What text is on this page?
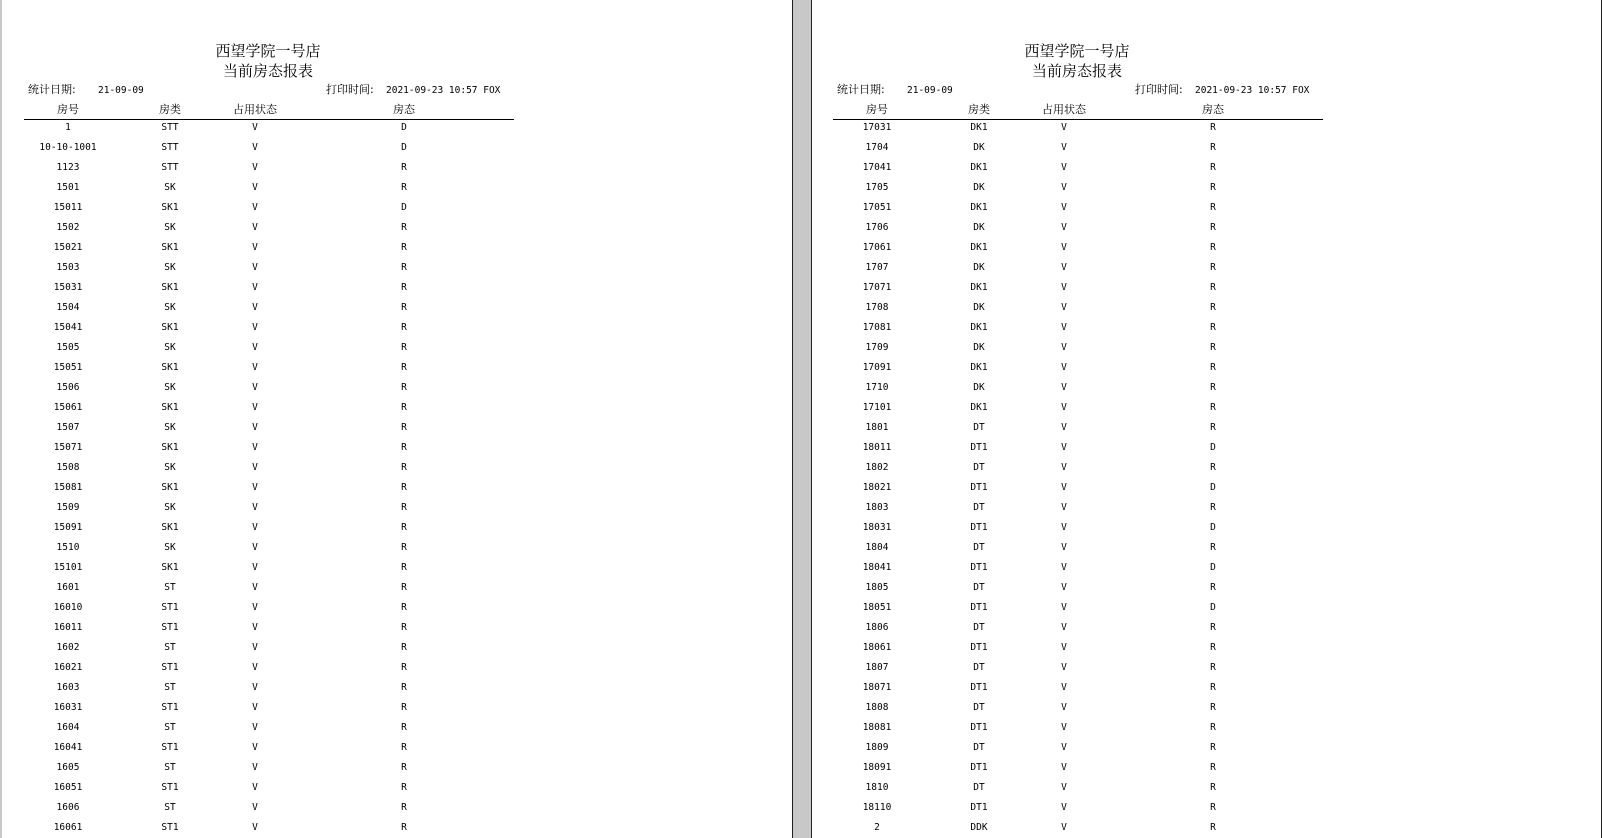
西望学院一号店
当前房态报表
统计日期: 21-09-09	打印时间: 2021-09-23 10:57 FOX
房号	房类	占用状态	房态
1	STT	V	D
10-10-1001	STT	V	D
1123	STT	V	R
1501	SK	V	R
15011	SK1	V	D
1502	SK	V	R
15021	SK1	V	R
1503	SK	V	R
15031	SK1	V	R
1504	SK	V	R
15041	SK1	V	R
1505	SK	V	R
15051	SK1	V	R
1506	SK	V	R
15061	SK1	V	R
1507	SK	V	R
15071	SK1	V	R
1508	SK	V	R
15081	SK1	V	R
1509	SK	V	R
15091	SK1	V	R
1510	SK	V	R
15101	SK1	V	R
1601	ST	V	R
16010	ST1	V	R
16011	ST1	V	R
1602	ST	V	R
16021	ST1	V	R
1603	ST	V	R
16031	ST1	V	R
1604	ST	V	R
16041	ST1	V	R
1605	ST	V	R
16051	ST1	V	R
1606	ST	V	R
16061	ST1	V	R
西望学院一号店
当前房态报表
统计日期: 21-09-09	打印时间: 2021-09-23 10:57 FOX
房号	房类	占用状态	房态
17031	DK1	V	R
1704	DK	V	R
17041	DK1	V	R
1705	DK	V	R
17051	DK1	V	R
1706	DK	V	R
17061	DK1	V	R
1707	DK	V	R
17071	DK1	V	R
1708	DK	V	R
17081	DK1	V	R
1709	DK	V	R
17091	DK1	V	R
1710	DK	V	R
17101	DK1	V	R
1801	DT	V	R
18011	DT1	V	D
1802	DT	V	R
18021	DT1	V	D
1803	DT	V	R
18031	DT1	V	D
1804	DT	V	R
18041	DT1	V	D
1805	DT	V	R
18051	DT1	V	D
1806	DT	V	R
18061	DT1	V	R
1807	DT	V	R
18071	DT1	V	R
1808	DT	V	R
18081	DT1	V	R
1809	DT	V	R
18091	DT1	V	R
1810	DT	V	R
18110	DT1	V	R
2	DDK	V	R
